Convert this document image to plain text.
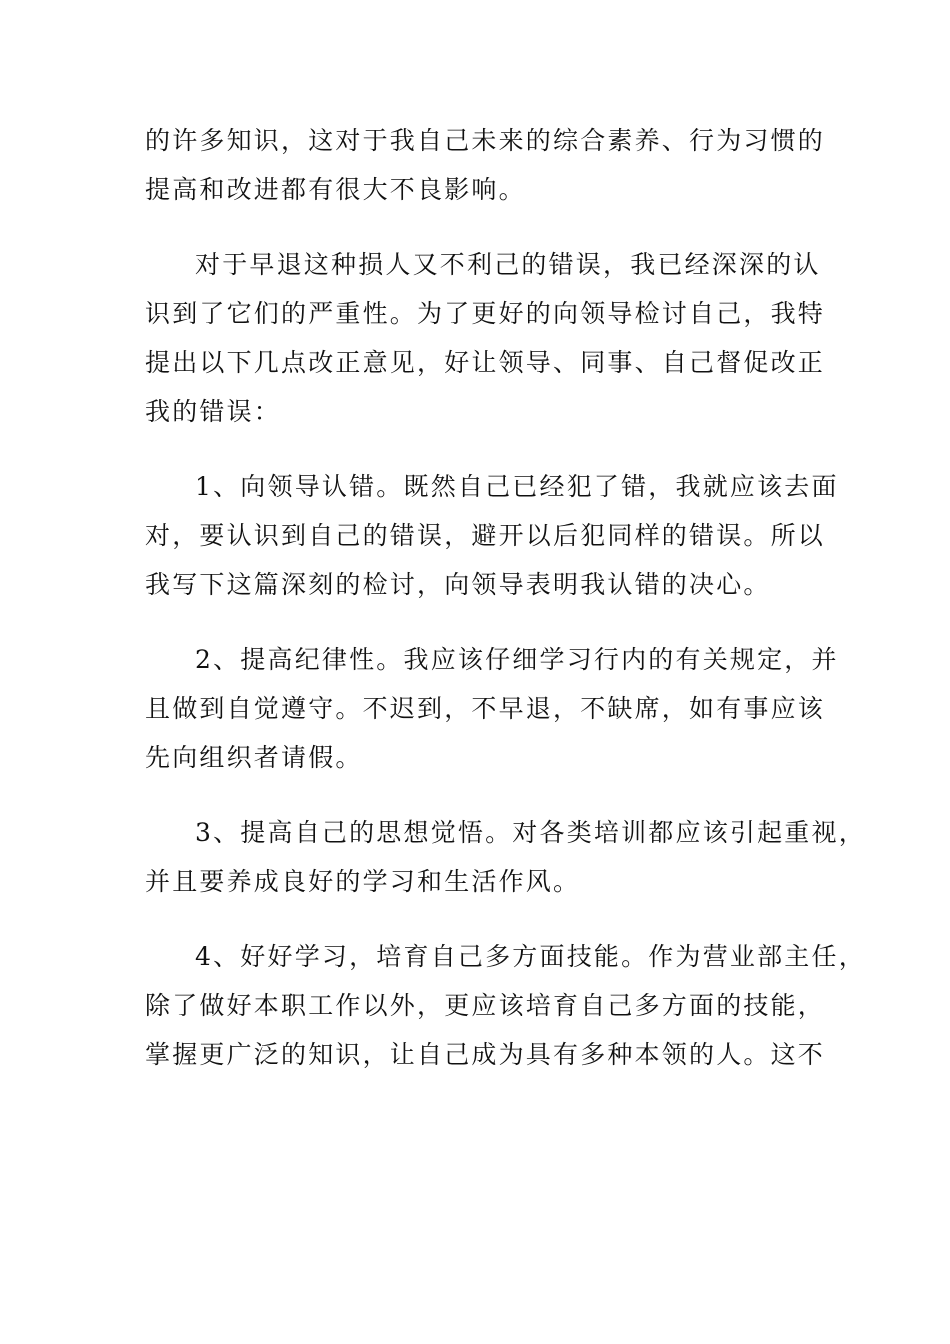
的许多知识，这对于我自己未来的综合素养、行为习惯的
提高和改进都有很大不良影响。
对于早退这种损人又不利己的错误，我已经深深的认
识到了它们的严重性。为了更好的向领导检讨自己，我特
提出以下几点改正意见，好让领导、同事、自己督促改正
我的错误：
1、向领导认错。既然自己已经犯了错，我就应该去面
对，要认识到自己的错误，避开以后犯同样的错误。所以
我写下这篇深刻的检讨，向领导表明我认错的决心。
2、提高纪律性。我应该仔细学习行内的有关规定，并
且做到自觉遵守。不迟到，不早退，不缺席，如有事应该
先向组织者请假。
3、提高自己的思想觉悟。对各类培训都应该引起重视，
并且要养成良好的学习和生活作风。
4、好好学习，培育自己多方面技能。作为营业部主任，
除了做好本职工作以外，更应该培育自己多方面的技能，
掌握更广泛的知识，让自己成为具有多种本领的人。这不
